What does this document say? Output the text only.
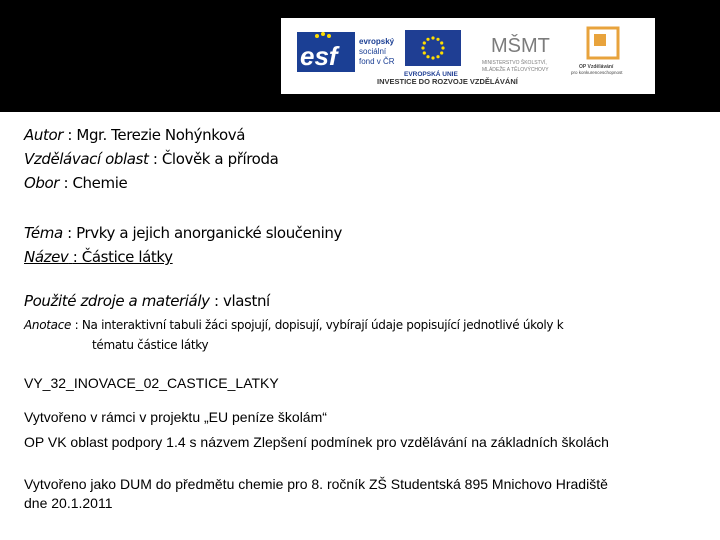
esf	evropský
sociální
fond v ČR
EVROPSKÁ UNIE
MŠMT
MINISTERSTVO ŠKOLSTVÍ,
MLÁDEŽE A TĚLOVÝCHOVY	OP Vzdělávání
pro konkurenceschopnost
INVESTICE DO ROZVOJE VZDĚLÁVÁNÍ
Autor : Mgr. Terezie Nohýnková
Vzdělávací oblast : Člověk a příroda
Obor : Chemie
Téma : Prvky a jejich anorganické sloučeniny
Název : Částice látky
Použité zdroje a materiály : vlastní
Anotace : Na interaktivní tabuli žáci spojují, dopisují, vybírají údaje popisující jednotlivé úkoly k
tématu částice látky
VY_32_INOVACE_02_CASTICE_LATKY
Vytvořeno v rámci v projektu „EU peníze školám“
OP VK oblast podpory 1.4 s názvem Zlepšení podmínek pro vzdělávání na základních školách
Vytvořeno jako DUM do předmětu chemie pro 8. ročník ZŠ Studentská 895 Mnichovo Hradiště
dne 20.1.2011
